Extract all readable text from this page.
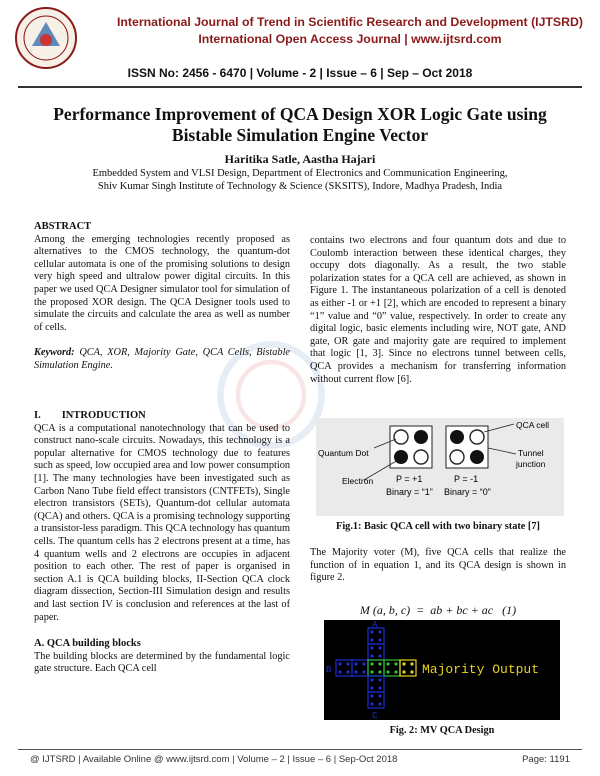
International Journal of Trend in Scientific Research and Development (IJTSRD)
International Open Access Journal | www.ijtsrd.com
ISSN No: 2456 - 6470 | Volume - 2 | Issue – 6 | Sep – Oct 2018
Performance Improvement of QCA Design XOR Logic Gate using
Bistable Simulation Engine Vector
Haritika Satle, Aastha Hajari
Embedded System and VLSI Design, Department of Electronics and Communication Engineering,
Shiv Kumar Singh Institute of Technology & Science (SKSITS), Indore, Madhya Pradesh, India
ABSTRACT

Among the emerging technologies recently proposed as alternatives to the CMOS technology, the quantum-dot cellular automata is one of the promising solutions to design very high speed and ultralow power digital circuits. In this paper we used QCA Designer simulator tool for simulation of the proposed XOR design. The QCA Designer tools used to simulate the circuits and calculate the area as well as number of cells.

Keyword: QCA, XOR, Majority Gate, QCA Cells, Bistable Simulation Engine.

I.        INTRODUCTION

QCA is a computational nanotechnology that can be used to construct nano-scale circuits. Nowadays, this technology is a popular alternative for CMOS technology due to features such as speed, low occupied area and low power consumption [1]. The many technologies have been investigated such as Carbon Nano Tube field effect transistors (CNTFETs), Single electron transistors (SETs), Quantum-dot cellular automata (QCA) and others. QCA is a promising technology supporting a transistor-less paradigm. This QCA technology has quantum cells. The quantum cells has 2 electrons present at a time, has 4 quantum wells and 2 electrons are occupies in adjacent position to each other. The rest of paper is organised in section A.1 is QCA building blocks, II-Section QCA clock diagram dissection, Section-III Simulation design and results and last section IV is conclusion and references at the last of paper.

A. QCA building blocks

The building blocks are determined by the fundamental logic gate structure. Each QCA cell

contains two electrons and four quantum dots and due to Coulomb interaction between these identical charges, they occupy dots diagonally. As a result, the two stable polarization states for a QCA cell are achieved, as shown in Figure 1. The instantaneous polarization of a cell is denoted as either -1 or +1 [2], which are encoded to represent a binary “1” value and “0” value, respectively. In order to create any digital logic, basic elements including wire, NOT gate, AND gate, OR gate and majority gate are required to implement that logic [1, 3]. Since no electrons tunnel between cells, QCA provides a mechanism for transferring information without current flow [6].
QCA cell
Quantum Dot
Electron
Tunnel
junction
P = +1	P = -1
Binary = “1” Binary = “0”
Fig.1: Basic QCA cell with two binary state [7]
The Majority voter (M), five QCA cells that realize the function of in equation 1, and its QCA design is shown in figure 2.
M (a, b, c)  =  ab + bc + ac   (1)
A
B
C
Majority Output
Fig. 2: MV QCA Design
@ IJTSRD | Available Online @ www.ijtsrd.com | Volume – 2 | Issue – 6 | Sep-Oct 2018	Page: 1191
